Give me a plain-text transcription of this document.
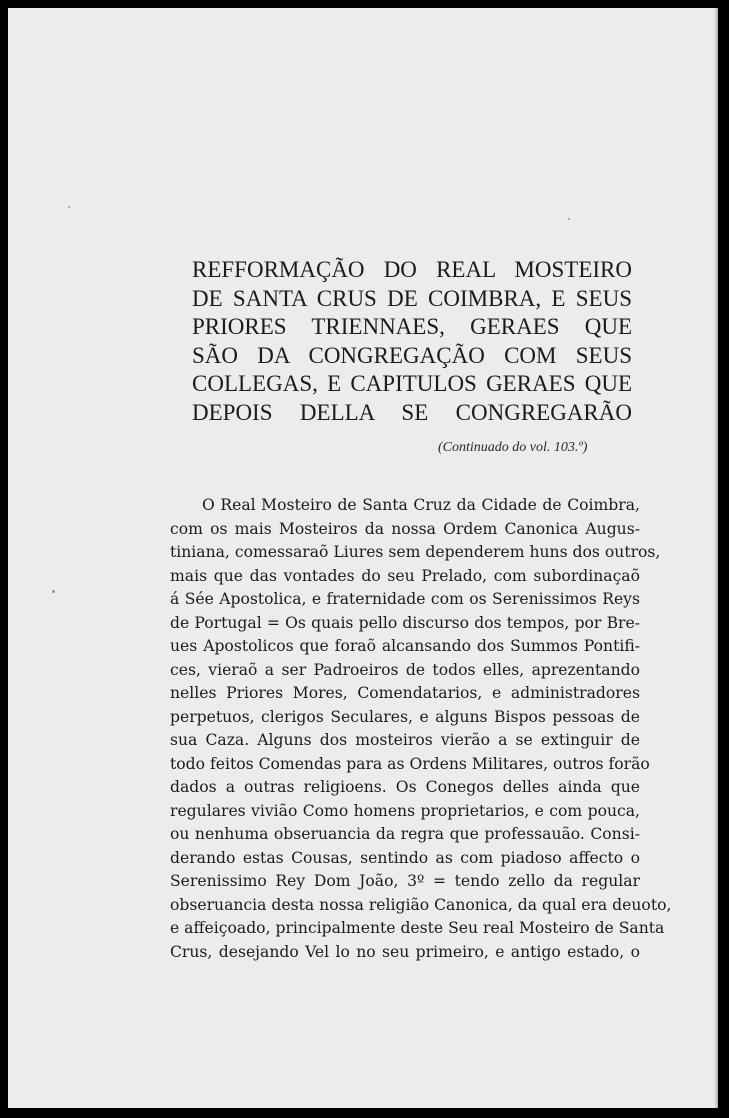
REFFORMAÇÃO DO REAL MOSTEIRO
DE SANTA CRUS DE COIMBRA, E SEUS
PRIORES TRIENNAES, GERAES QUE
SÃO DA CONGREGAÇÃO COM SEUS
COLLEGAS, E CAPITULOS GERAES QUE
DEPOIS DELLA SE CONGREGARÃO
(Continuado do vol. 103.º)

O Real Mosteiro de Santa Cruz da Cidade de Coimbra,
com os mais Mosteiros da nossa Ordem Canonica Augus-
tiniana, comessaraõ Liures sem dependerem huns dos outros,
mais que das vontades do seu Prelado, com subordinaçaõ
á Sée Apostolica, e fraternidade com os Serenissimos Reys
de Portugal = Os quais pello discurso dos tempos, por Bre-
ues Apostolicos que foraõ alcansando dos Summos Pontifi-
ces, vieraõ a ser Padroeiros de todos elles, aprezentando
nelles Priores Mores, Comendatarios, e administradores
perpetuos, clerigos Seculares, e alguns Bispos pessoas de
sua Caza. Alguns dos mosteiros vierão a se extinguir de
todo feitos Comendas para as Ordens Militares, outros forão
dados a outras religioens. Os Conegos delles ainda que
regulares vivião Como homens proprietarios, e com pouca,
ou nenhuma obseruancia da regra que professauão. Consi-
derando estas Cousas, sentindo as com piadoso affecto o
Serenissimo Rey Dom João, 3º = tendo zello da regular
obseruancia desta nossa religião Canonica, da qual era deuoto,
e affeiçoado, principalmente deste Seu real Mosteiro de Santa
Crus, desejando Vel lo no seu primeiro, e antigo estado, o
